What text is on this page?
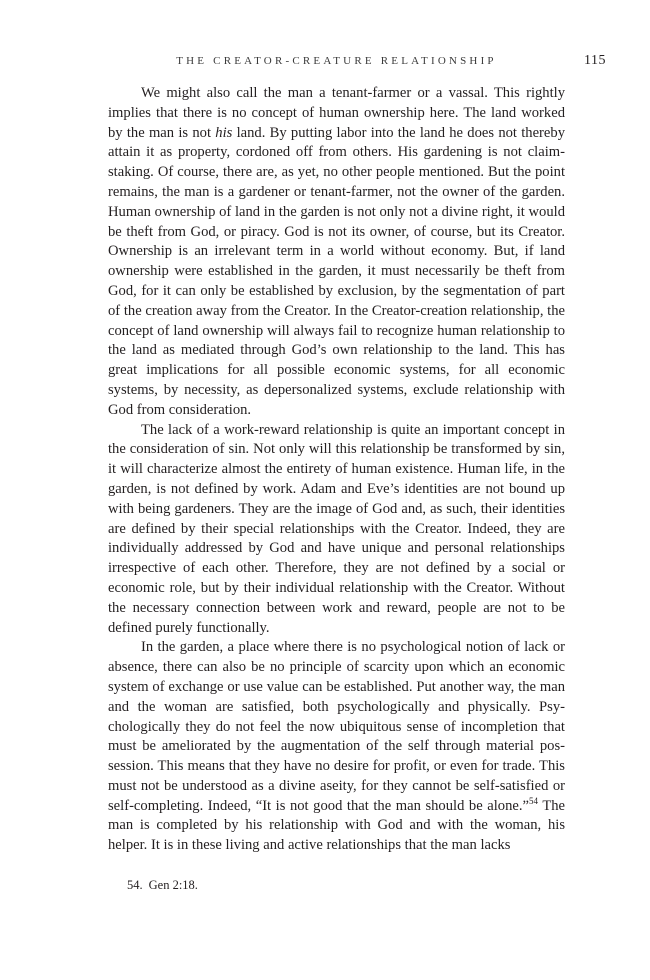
THE CREATOR-CREATURE RELATIONSHIP	115

We might also call the man a tenant-farmer or a vassal. This rightly implies that there is no concept of human ownership here. The land worked by the man is not his land. By putting labor into the land he does not thereby attain it as property, cordoned off from others. His gardening is not claimstaking. Of course, there are, as yet, no other people mentioned. But the point remains, the man is a gardener or tenant-farmer, not the owner of the garden. Human ownership of land in the garden is not only not a divine right, it would be theft from God, or piracy. God is not its owner, of course, but its Creator. Ownership is an irrelevant term in a world without economy. But, if land ownership were established in the garden, it must necessarily be theft from God, for it can only be established by exclusion, by the segmentation of part of the creation away from the Creator. In the Creator-creation relationship, the concept of land ownership will always fail to recognize human relationship to the land as mediated through God’s own relationship to the land. This has great implications for all possible economic systems, for all economic systems, by necessity, as depersonalized systems, exclude relationship with God from consideration.

The lack of a work-reward relationship is quite an important concept in the consideration of sin. Not only will this relationship be transformed by sin, it will characterize almost the entirety of human existence. Human life, in the garden, is not defined by work. Adam and Eve’s identities are not bound up with being gardeners. They are the image of God and, as such, their identities are defined by their special relationships with the Creator. Indeed, they are individually addressed by God and have unique and personal relationships irrespective of each other. Therefore, they are not defined by a social or economic role, but by their individual relationship with the Creator. Without the necessary connection between work and reward, people are not to be defined purely functionally.

In the garden, a place where there is no psychological notion of lack or absence, there can also be no principle of scarcity upon which an economic system of exchange or use value can be established. Put another way, the man and the woman are satisfied, both psychologically and physically. Psychologically they do not feel the now ubiquitous sense of incompletion that must be ameliorated by the augmentation of the self through material possession. This means that they have no desire for profit, or even for trade. This must not be understood as a divine aseity, for they cannot be self-satisfied or self-completing. Indeed, “It is not good that the man should be alone.”$^{54}$ The man is completed by his relationship with God and with the woman, his helper. It is in these living and active relationships that the man lacks

54. Gen 2:18.
